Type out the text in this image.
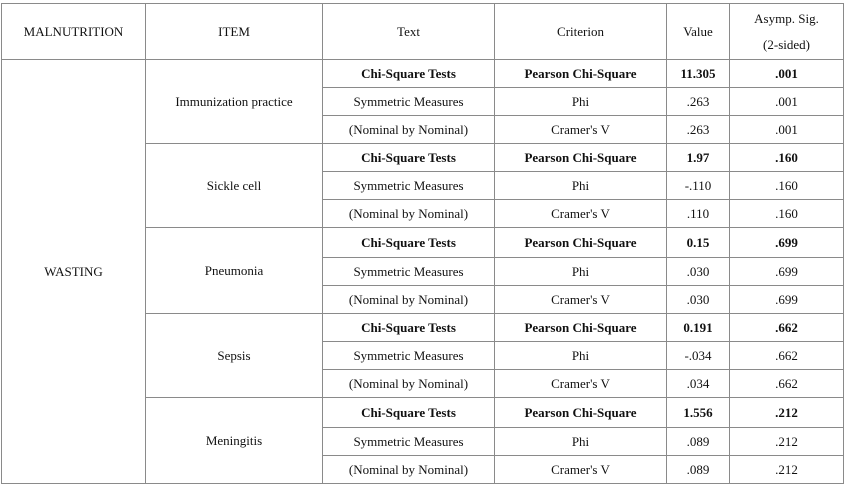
MALNUTRITION	ITEM	Text	Criterion	Value	Asymp. Sig.
(2-sided)

WASTING	Immunization practice	Chi-Square Tests	Pearson Chi-Square	11.305	.001
		Symmetric Measures	Phi	.263	.001
		(Nominal by Nominal)	Cramer's V	.263	.001
	Sickle cell	Chi-Square Tests	Pearson Chi-Square	1.97	.160
		Symmetric Measures	Phi	-.110	.160
		(Nominal by Nominal)	Cramer's V	.110	.160
	Pneumonia	Chi-Square Tests	Pearson Chi-Square	0.15	.699
		Symmetric Measures	Phi	.030	.699
		(Nominal by Nominal)	Cramer's V	.030	.699
	Sepsis	Chi-Square Tests	Pearson Chi-Square	0.191	.662
		Symmetric Measures	Phi	-.034	.662
		(Nominal by Nominal)	Cramer's V	.034	.662
	Meningitis	Chi-Square Tests	Pearson Chi-Square	1.556	.212
		Symmetric Measures	Phi	.089	.212
		(Nominal by Nominal)	Cramer's V	.089	.212
